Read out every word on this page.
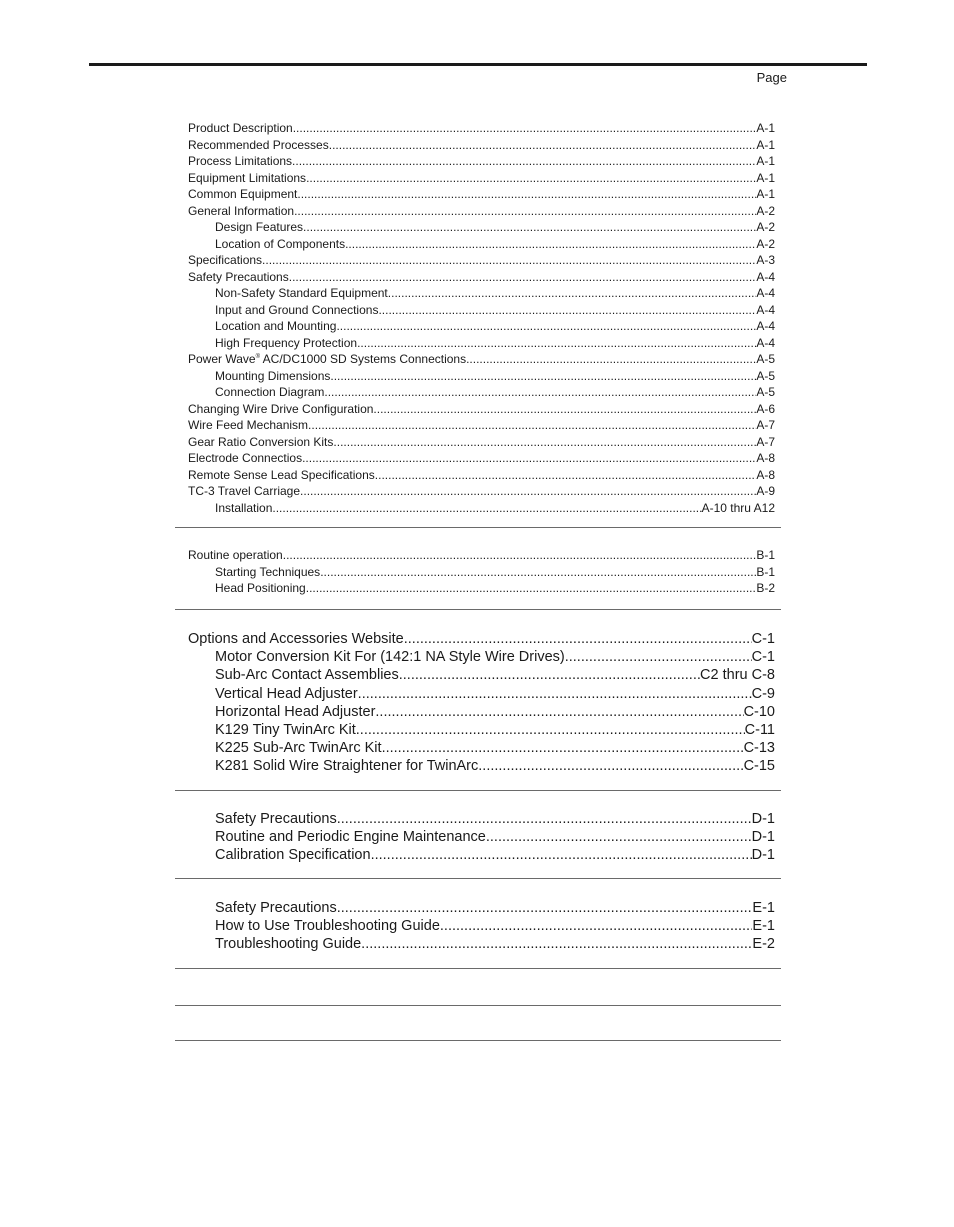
Page
Product Description .....	A-1
Recommended Processes .....	A-1
Process Limitations .....	A-1
Equipment Limitations .....	A-1
Common Equipment .....	A-1
General Information .....	A-2
Design Features .....	A-2
Location of Components .....	A-2
Specifications .....	A-3
Safety Precautions. .....	A-4
Non-Safety Standard Equipment .....	A-4
Input and Ground Connections .....	A-4
Location and Mounting .....	A-4
High Frequency Protection .....	A-4
Power Wave® AC/DC1000 SD Systems Connections .....	A-5
Mounting Dimensions .....	A-5
Connection Diagram .....	A-5
Changing Wire Drive Configuration .....	A-6
Wire Feed Mechanism .....	A-7
Gear Ratio Conversion Kits .....	A-7
Electrode Connectios .....	A-8
Remote Sense Lead Specifications .....	A-8
TC-3 Travel Carriage .....	A-9
Installation .....	A-10 thru A12
Routine operation .....	B-1
Starting Techniques .....	B-1
Head Positioning .....	B-2
Options and Accessories Website .....	C-1
Motor Conversion Kit For (142:1 NA Style Wire Drives) .....	C-1
Sub-Arc Contact Assemblies .....	C2 thru C-8
Vertical Head Adjuster .....	C-9
Horizontal Head Adjuster .....	C-10
K129 Tiny TwinArc Kit .....	C-11
K225 Sub-Arc TwinArc Kit .....	C-13
K281 Solid Wire Straightener for TwinArc .....	C-15
Safety Precautions .....	D-1
Routine and Periodic Engine Maintenance .....	D-1
Calibration Specification .....	D-1
Safety Precautions .....	E-1
How to Use Troubleshooting Guide .....	E-1
Troubleshooting Guide .....	E-2
